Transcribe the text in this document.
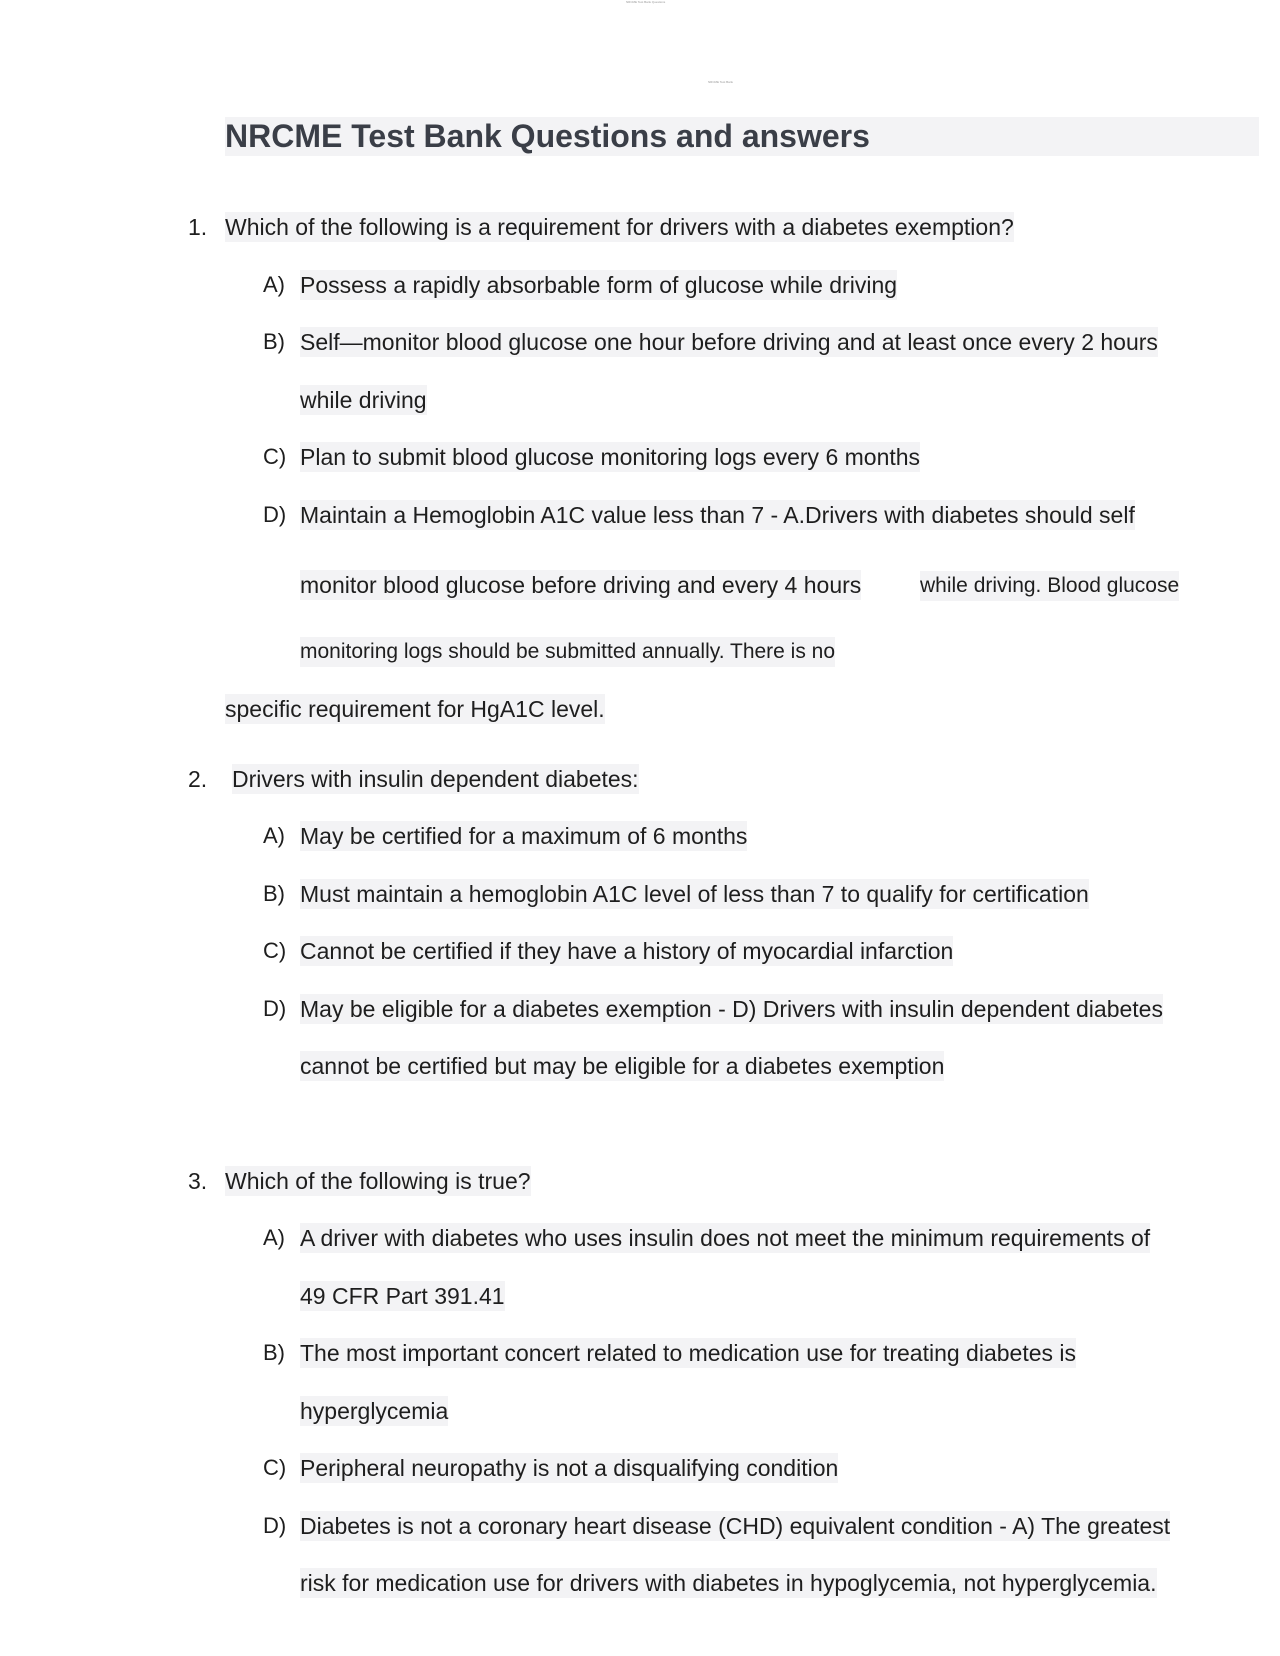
NRCME Test Bank Questions
NRCME Test Bank
NRCME Test Bank Questions and answers
1. Which of the following is a requirement for drivers with a diabetes exemption?
A) Possess a rapidly absorbable form of glucose while driving
B) Self—monitor blood glucose one hour before driving and at least once every 2 hours
while driving
C) Plan to submit blood glucose monitoring logs every 6 months
D) Maintain a Hemoglobin A1C value less than 7 - A.Drivers with diabetes should self
monitor blood glucose before driving and every 4 hours	while driving. Blood glucose
monitoring logs should be submitted annually. There is no
specific requirement for HgA1C level.
2. Drivers with insulin dependent diabetes:
A) May be certified for a maximum of 6 months
B) Must maintain a hemoglobin A1C level of less than 7 to qualify for certification
C) Cannot be certified if they have a history of myocardial infarction
D) May be eligible for a diabetes exemption - D) Drivers with insulin dependent diabetes
cannot be certified but may be eligible for a diabetes exemption
3. Which of the following is true?
A) A driver with diabetes who uses insulin does not meet the minimum requirements of
49 CFR Part 391.41
B) The most important concert related to medication use for treating diabetes is
hyperglycemia
C) Peripheral neuropathy is not a disqualifying condition
D) Diabetes is not a coronary heart disease (CHD) equivalent condition - A) The greatest
risk for medication use for drivers with diabetes in hypoglycemia, not hyperglycemia.
